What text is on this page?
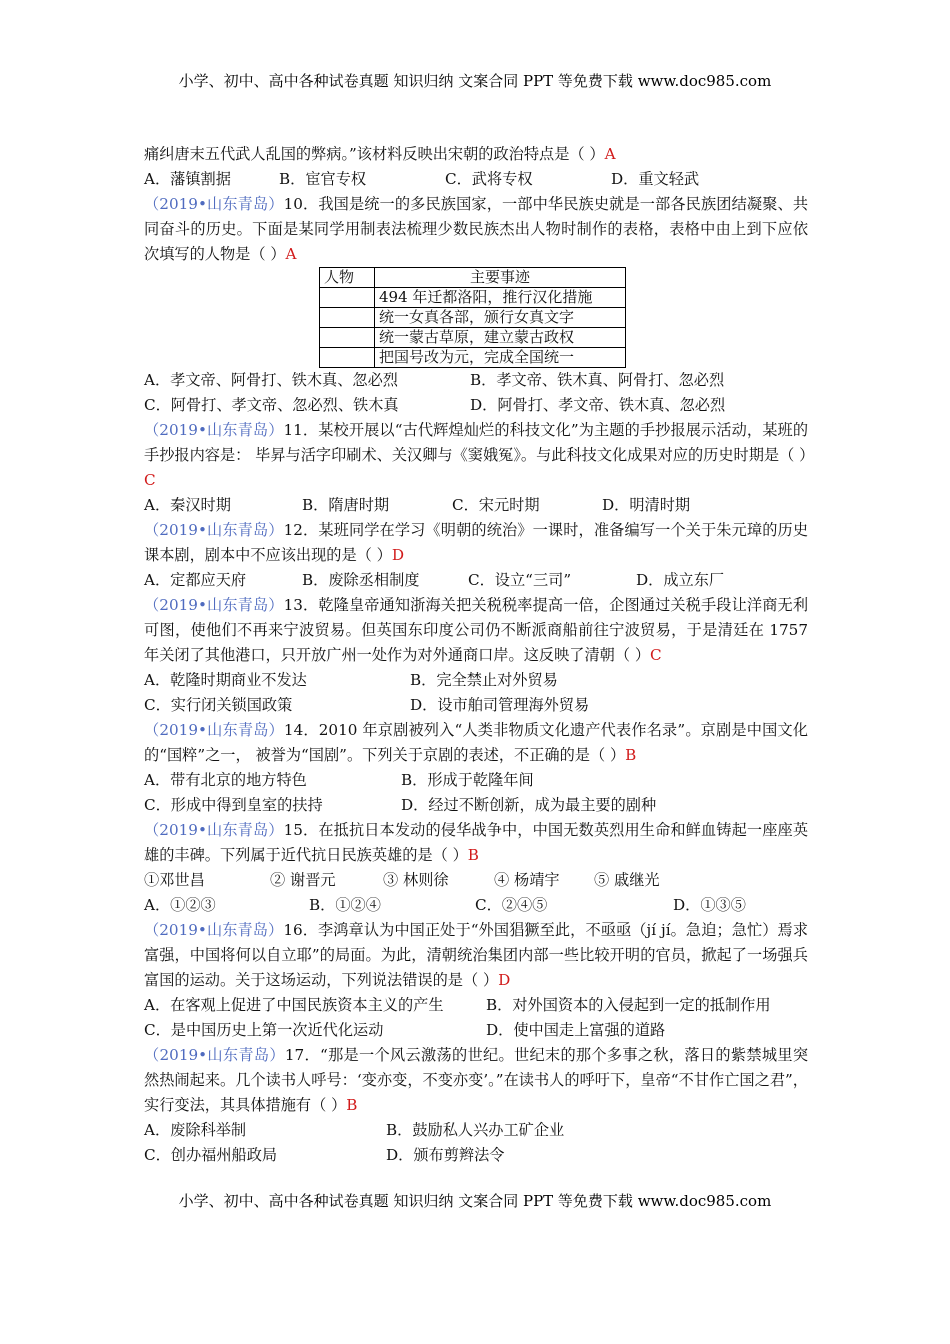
小学、初中、高中各种试卷真题 知识归纳 文案合同 PPT 等免费下载 www.doc985.com

痛纠唐末五代武人乱国的弊病。”该材料反映出宋朝的政治特点是（ ）A

A．藩镇割据	B．宦官专权	C．武将专权	D．重文轻武

（2019•山东青岛）10．我国是统一的多民族国家，一部中华民族史就是一部各民族团结凝聚、共同奋斗的历史。下面是某同学用制表法梳理少数民族杰出人物时制作的表格，表格中由上到下应依次填写的人物是（ ）A

人物	主要事迹
	494 年迁都洛阳，推行汉化措施
	统一女真各部，颁行女真文字
	统一蒙古草原，建立蒙古政权
	把国号改为元，完成全国统一
A．孝文帝、阿骨打、铁木真、忽必烈	B．孝文帝、铁木真、阿骨打、忽必烈
C．阿骨打、孝文帝、忽必烈、铁木真	D．阿骨打、孝文帝、铁木真、忽必烈

（2019•山东青岛）11．某校开展以“古代辉煌灿烂的科技文化”为主题的手抄报展示活动，某班的手抄报内容是： 毕昇与活字印刷术、关汉卿与《窦娥冤》。与此科技文化成果对应的历史时期是（ ）C

A．秦汉时期	B．隋唐时期	C．宋元时期	D．明清时期

（2019•山东青岛）12．某班同学在学习《明朝的统治》一课时，准备编写一个关于朱元璋的历史课本剧，剧本中不应该出现的是（ ）D

A．定都应天府	B．废除丞相制度	C．设立“三司”	D．成立东厂

（2019•山东青岛）13．乾隆皇帝通知浙海关把关税税率提高一倍，企图通过关税手段让洋商无利可图，使他们不再来宁波贸易。但英国东印度公司仍不断派商船前往宁波贸易，于是清廷在 1757 年关闭了其他港口，只开放广州一处作为对外通商口岸。这反映了清朝（ ）C

A．乾隆时期商业不发达	B．完全禁止对外贸易
C．实行闭关锁国政策	D．设市舶司管理海外贸易

（2019•山东青岛）14．2010 年京剧被列入“人类非物质文化遗产代表作名录”。京剧是中国文化的“国粹”之一， 被誉为“国剧”。下列关于京剧的表述，不正确的是（ ）B

A．带有北京的地方特色	B．形成于乾隆年间
C．形成中得到皇室的扶持	D．经过不断创新，成为最主要的剧种

（2019•山东青岛）15．在抵抗日本发动的侵华战争中，中国无数英烈用生命和鲜血铸起一座座英雄的丰碑。下列属于近代抗日民族英雄的是（ ）B

①邓世昌	② 谢晋元	③ 林则徐	④ 杨靖宇	⑤ 戚继光
A．①②③	B．①②④	C．②④⑤	D．①③⑤

（2019•山东青岛）16．李鸿章认为中国正处于“外国猖獗至此，不亟亟（jí jí。急迫；急忙）焉求富强，中国将何以自立耶”的局面。为此，清朝统治集团内部一些比较开明的官员，掀起了一场强兵富国的运动。关于这场运动，下列说法错误的是（ ）D

A．在客观上促进了中国民族资本主义的产生	B．对外国资本的入侵起到一定的抵制作用
C．是中国历史上第一次近代化运动	D．使中国走上富强的道路

（2019•山东青岛）17．“那是一个风云激荡的世纪。世纪末的那个多事之秋，落日的紫禁城里突然热闹起来。几个读书人呼号：‘变亦变，不变亦变’。”在读书人的呼吁下，皇帝“不甘作亡国之君”，实行变法，其具体措施有（ ）B

A．废除科举制	B．鼓励私人兴办工矿企业
C．创办福州船政局	D．颁布剪辫法令
小学、初中、高中各种试卷真题 知识归纳 文案合同 PPT 等免费下载 www.doc985.com
